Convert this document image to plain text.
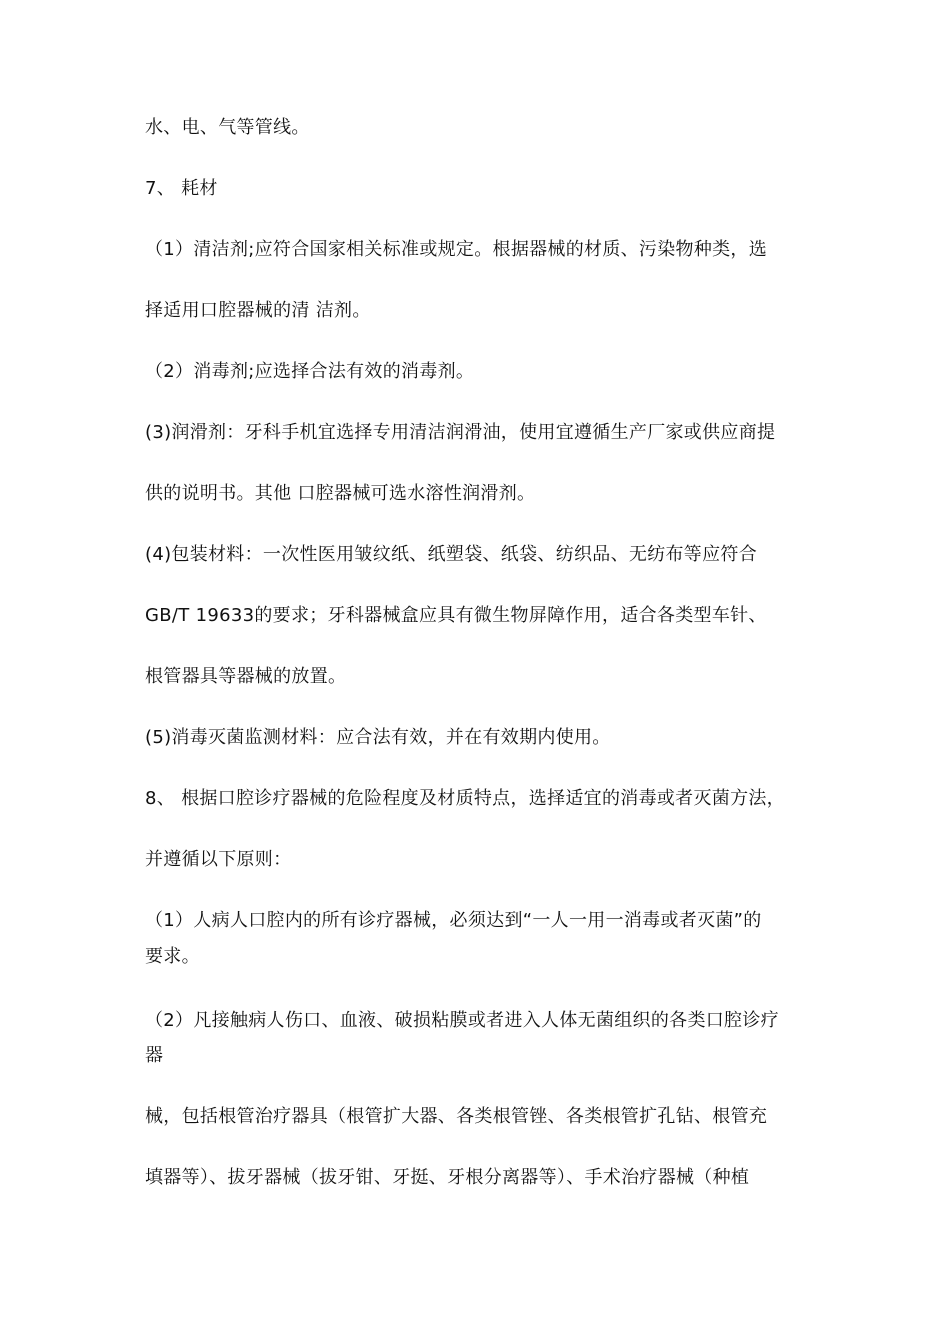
水、电、气等管线。
7、 耗材
（1）清洁剂;应符合国家相关标准或规定。根据器械的材质、污染物种类，选
择适用口腔器械的清 洁剂。
（2）消毒剂;应选择合法有效的消毒剂。
(3)润滑剂：牙科手机宜选择专用清洁润滑油，使用宜遵循生产厂家或供应商提
供的说明书。其他 口腔器械可选水溶性润滑剂。
(4)包装材料：一次性医用皱纹纸、纸塑袋、纸袋、纺织品、无纺布等应符合
GB/T 19633的要求；牙科器械盒应具有微生物屏障作用，适合各类型车针、
根管器具等器械的放置。
(5)消毒灭菌监测材料：应合法有效，并在有效期内使用。
8、 根据口腔诊疗器械的危险程度及材质特点，选择适宜的消毒或者灭菌方法，
并遵循以下原则：
（1）人病人口腔内的所有诊疗器械，必须达到“一人一用一消毒或者灭菌”的
要求。
（2）凡接触病人伤口、血液、破损粘膜或者进入人体无菌组织的各类口腔诊疗
器
械，包括根管治疗器具（根管扩大器、各类根管锉、各类根管扩孔钻、根管充
填器等）、拔牙器械（拔牙钳、牙挺、牙根分离器等）、手术治疗器械（种植
